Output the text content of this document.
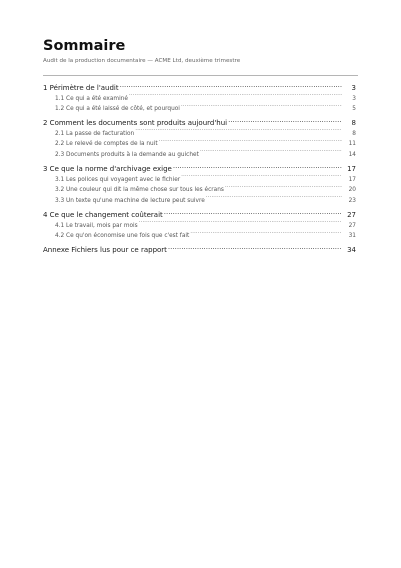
Sommaire
Audit de la production documentaire — ACME Ltd, deuxième trimestre
1 Périmètre de l'audit .....	3
1.1 Ce qui a été examiné .....	3
1.2 Ce qui a été laissé de côté, et pourquoi .....	5
2 Comment les documents sont produits aujourd'hui .....	8
2.1 La passe de facturation .....	8
2.2 Le relevé de comptes de la nuit .....	11
2.3 Documents produits à la demande au guichet .....	14
3 Ce que la norme d'archivage exige .....	17
3.1 Les polices qui voyagent avec le fichier .....	17
3.2 Une couleur qui dit la même chose sur tous les écrans .....	20
3.3 Un texte qu'une machine de lecture peut suivre .....	23
4 Ce que le changement coûterait .....	27
4.1 Le travail, mois par mois .....	27
4.2 Ce qu'on économise une fois que c'est fait .....	31
Annexe Fichiers lus pour ce rapport .....	34
